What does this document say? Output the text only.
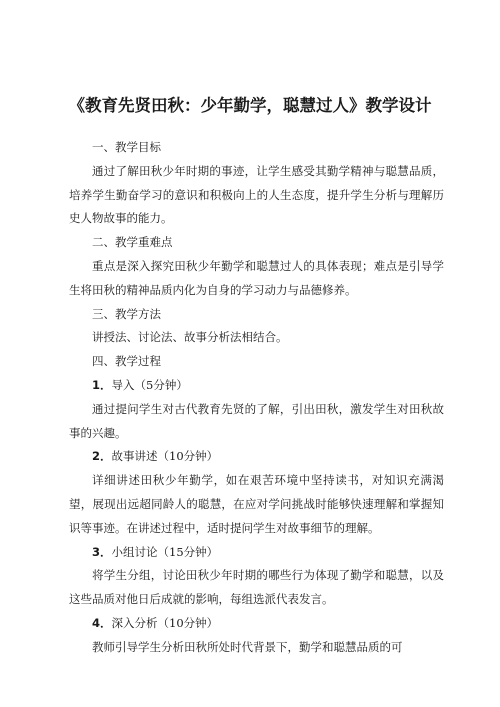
《教育先贤田秋：少年勤学，聪慧过人》教学设计

一、教学目标

通过了解田秋少年时期的事迹，让学生感受其勤学精神与聪慧品质，培养学生勤奋学习的意识和积极向上的人生态度，提升学生分析与理解历史人物故事的能力。

二、教学重难点

重点是深入探究田秋少年勤学和聪慧过人的具体表现；难点是引导学生将田秋的精神品质内化为自身的学习动力与品德修养。

三、教学方法

讲授法、讨论法、故事分析法相结合。

四、教学过程

1．导入（5分钟）

通过提问学生对古代教育先贤的了解，引出田秋，激发学生对田秋故事的兴趣。

2．故事讲述（10分钟）

详细讲述田秋少年勤学，如在艰苦环境中坚持读书，对知识充满渴望，展现出远超同龄人的聪慧，在应对学问挑战时能够快速理解和掌握知识等事迹。在讲述过程中，适时提问学生对故事细节的理解。

3．小组讨论（15分钟）

将学生分组，讨论田秋少年时期的哪些行为体现了勤学和聪慧，以及这些品质对他日后成就的影响，每组选派代表发言。

4．深入分析（10分钟）

教师引导学生分析田秋所处时代背景下，勤学和聪慧品质的可
